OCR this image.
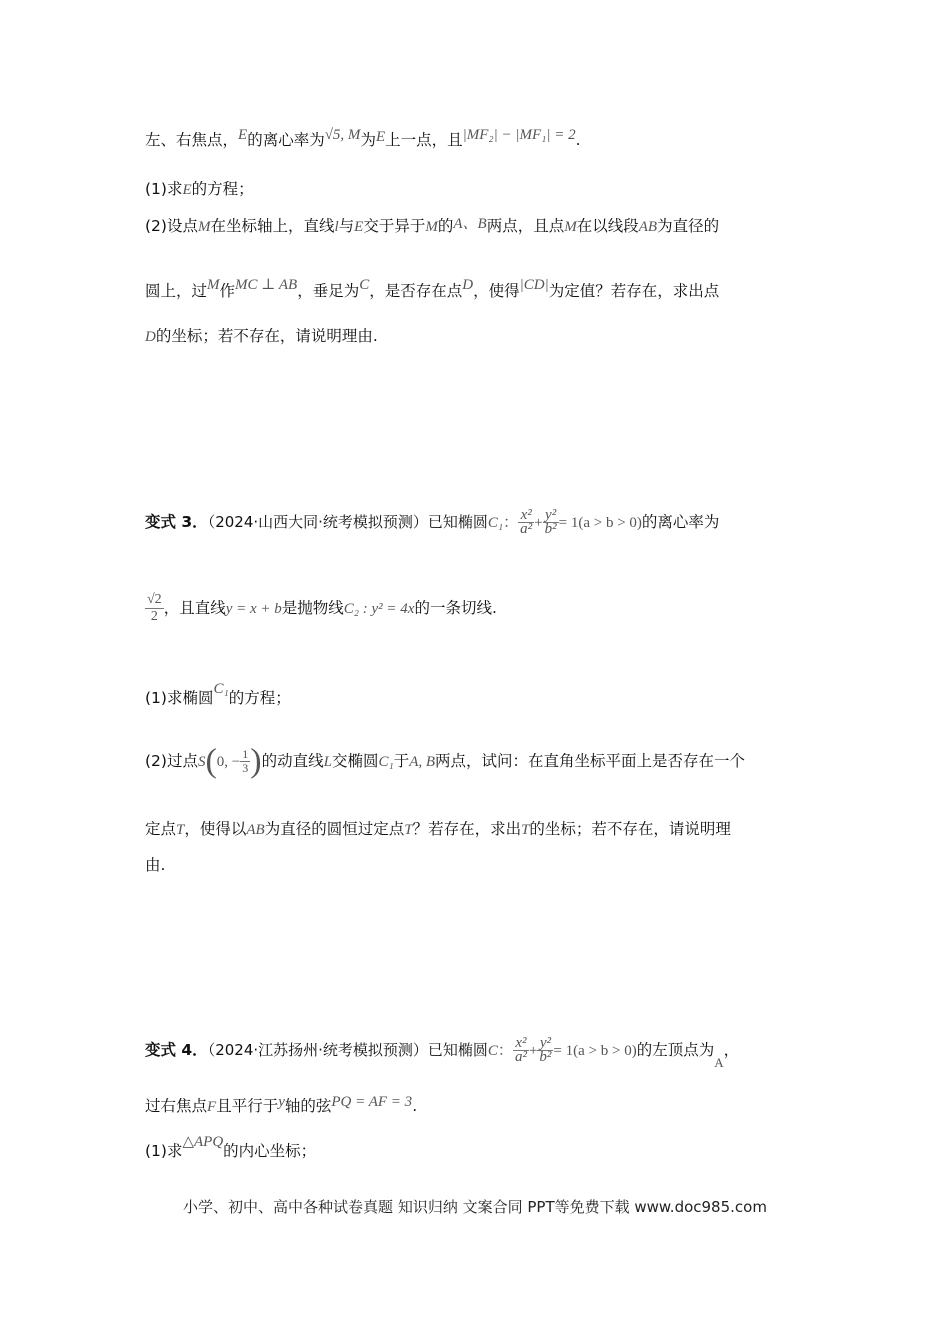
左、右焦点，E的离心率为√5, M为E上一点，且|MF₂| − |MF₁| = 2.
(1)求E的方程；
(2)设点M在坐标轴上，直线l与E交于异于M的A、B两点，且点M在以线段AB为直径的
圆上，过M作MC ⊥ AB，垂足为C，是否存在点D，使得|CD|为定值？若存在，求出点
D的坐标；若不存在，请说明理由.
变式 3．（2024·山西大同·统考模拟预测）已知椭圆C₁： $\frac{\text{x²}}{\text{a²}} + \frac{\text{y²}}{\text{b²}} = 1(a > b > 0)$的离心率为
$\frac{√2}{2}$ ，且直线y = x + b是抛物线C₂ : y² = 4x的一条切线.
(1)求椭圆C₁的方程；
(2)过点S(0, − $\frac{1}{3}$ )的动直线L交椭圆C₁于A, B两点，试问：在直角坐标平面上是否存在一个
定点T，使得以AB为直径的圆恒过定点T？若存在，求出T的坐标；若不存在，请说明理
由.
变式 4．（2024·江苏扬州·统考模拟预测）已知椭圆C： $\frac{\text{x²}}{\text{a²}} + \frac{\text{y²}}{\text{b²}} = 1(a > b > 0)$的左顶点为$_A$，
过右焦点F且平行于y轴的弦PQ = AF = 3.
(1)求△APQ的内心坐标；
小学、初中、高中各种试卷真题 知识归纳 文案合同 PPT等免费下载 www.doc985.com
